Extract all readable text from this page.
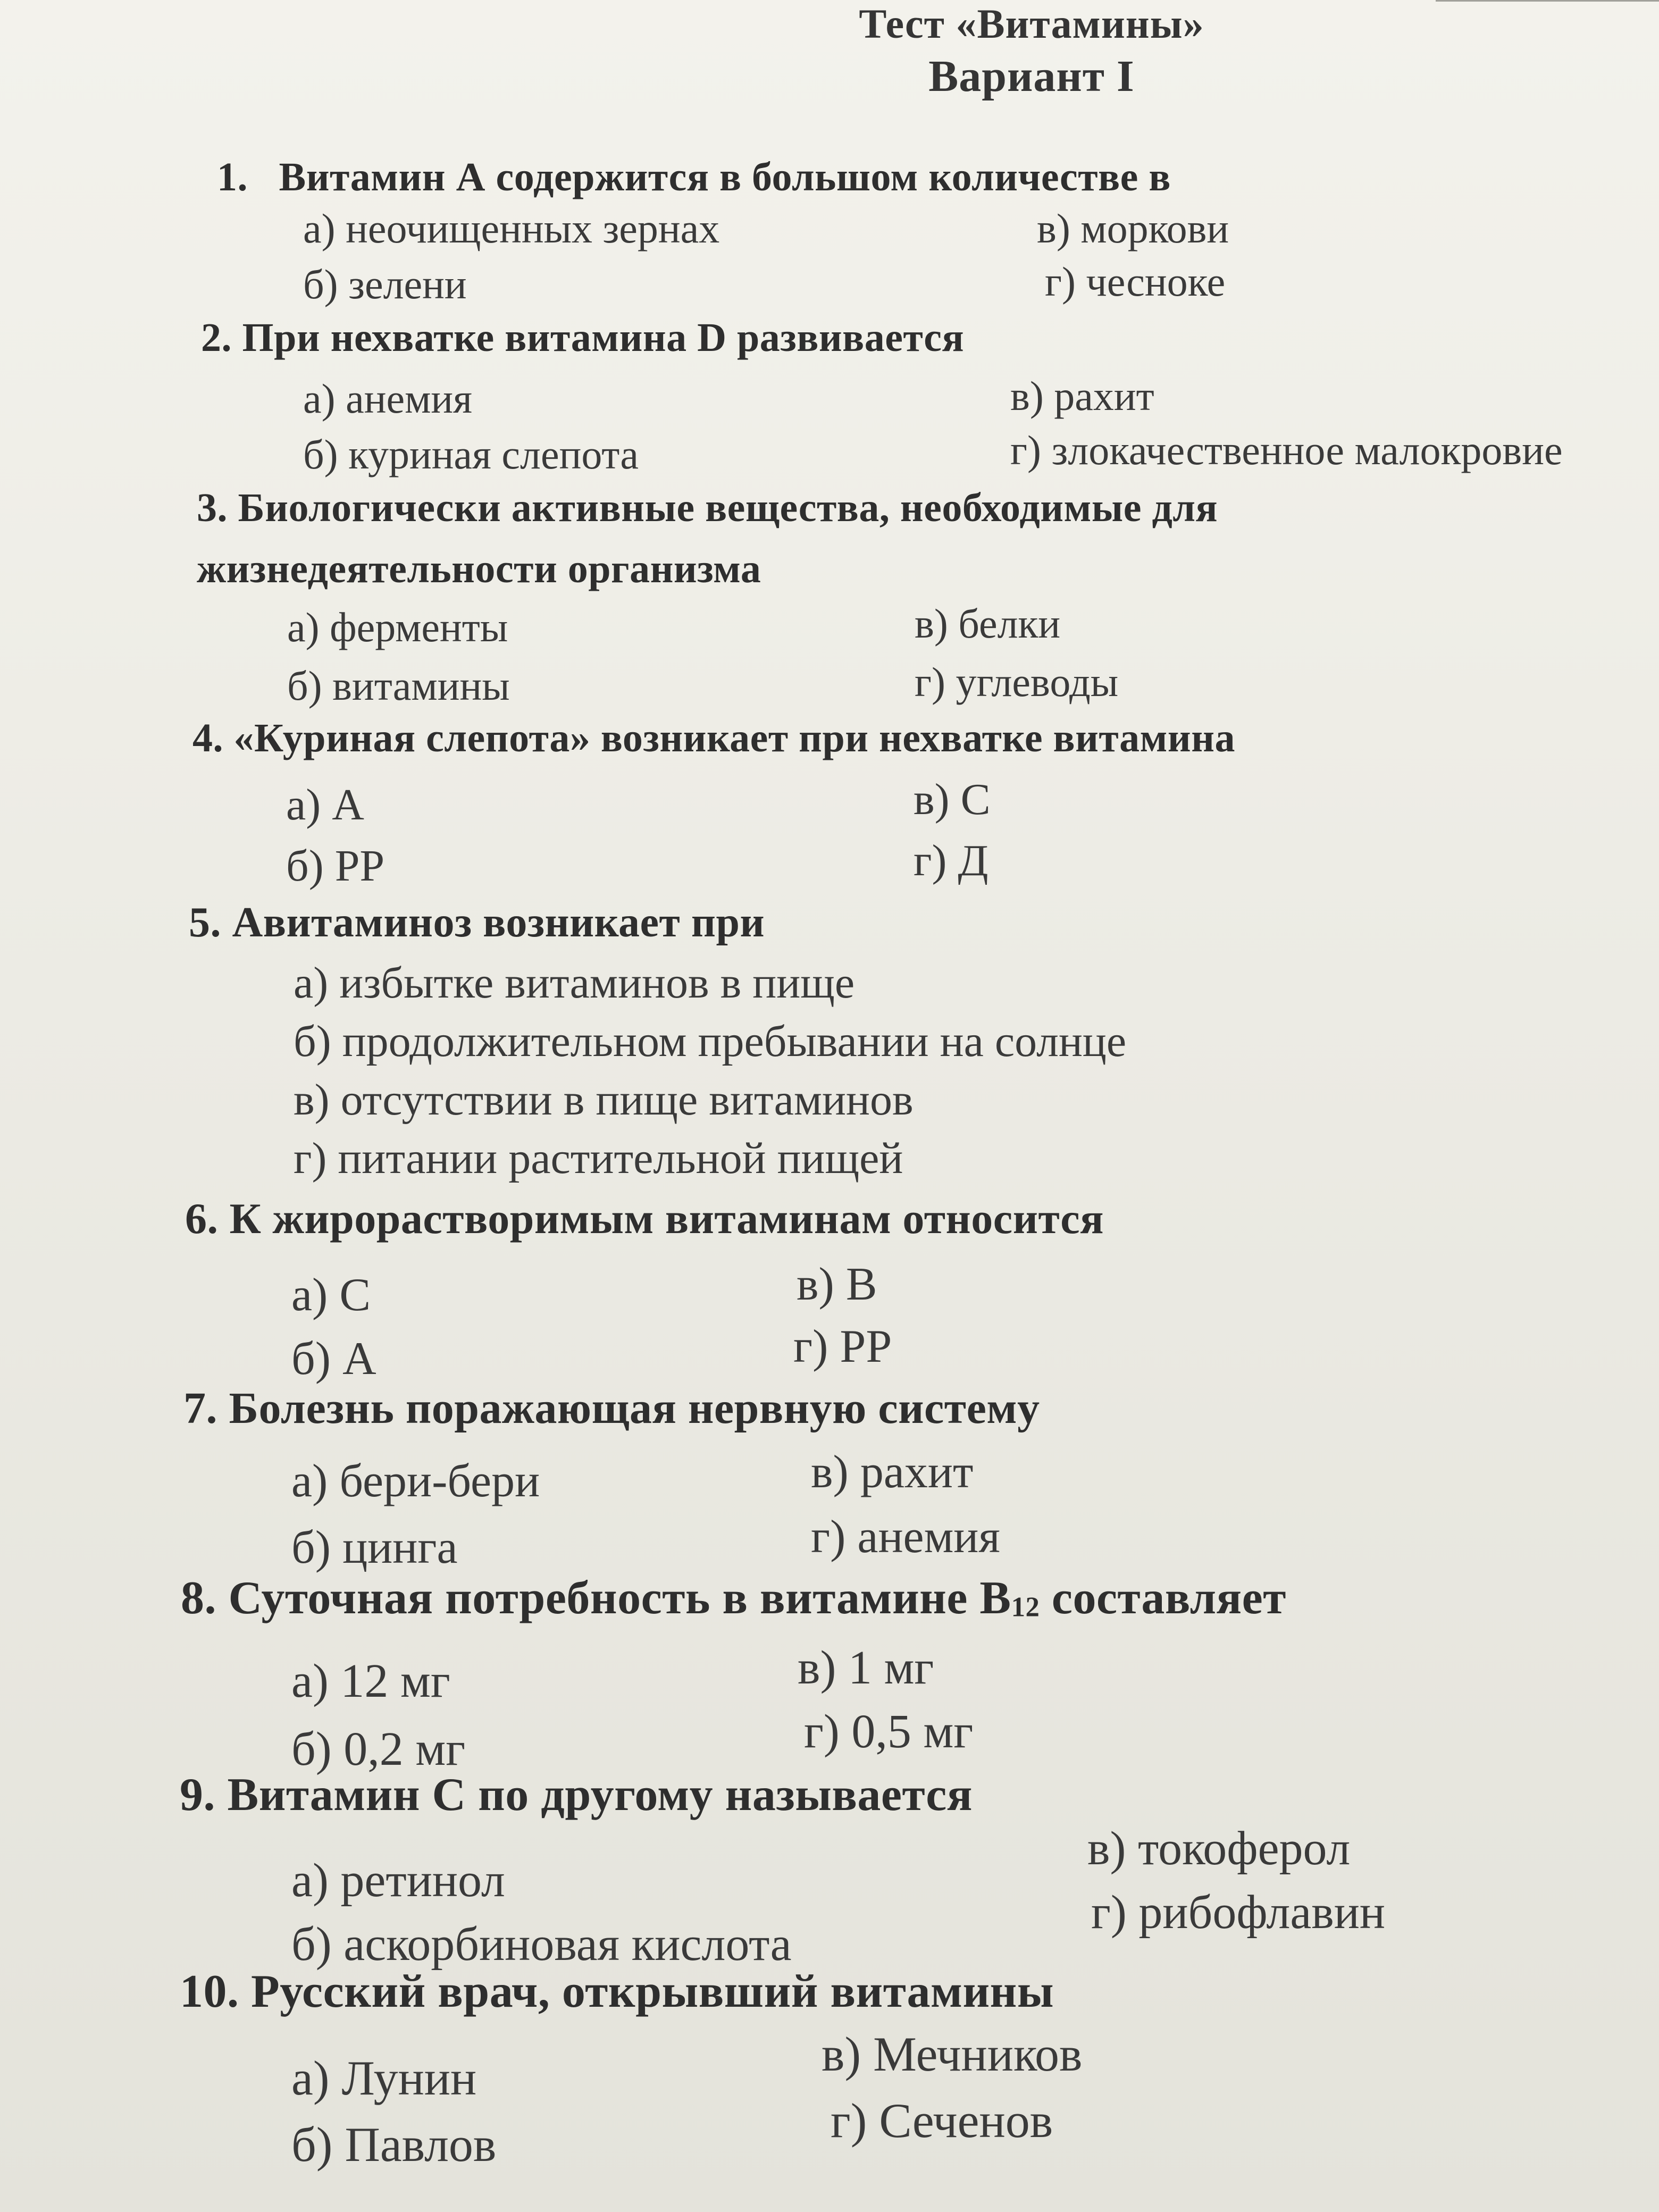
Тест «Витамины»
Вариант I
1. Витамин А содержится в большом количестве в
а) неочищенных зернах
б) зелени
в) моркови
г) чесноке
2. При нехватке витамина D развивается
а) анемия
б) куриная слепота
в) рахит
г) злокачественное малокровие
3. Биологически активные вещества, необходимые для
жизнедеятельности организма
а) ферменты
б) витамины
в) белки
г) углеводы
4. «Куриная слепота» возникает при нехватке витамина
а) А
б) РР
в) С
г) Д
5. Авитаминоз возникает при
а) избытке витаминов в пище
б) продолжительном пребывании на солнце
в) отсутствии в пище витаминов
г) питании растительной пищей
6. К жирорастворимым витаминам относится
а) С
б) А
в) В
г) РР
7. Болезнь поражающая нервную систему
а) бери-бери
б) цинга
в) рахит
г) анемия
8. Суточная потребность в витамине $В_{12}$ составляет
а) 12 мг
б) 0,2 мг
в) 1 мг
г) 0,5 мг
9. Витамин С по другому называется
а) ретинол
б) аскорбиновая кислота
в) токоферол
г) рибофлавин
10. Русский врач, открывший витамины
а) Лунин
б) Павлов
в) Мечников
г) Сеченов
